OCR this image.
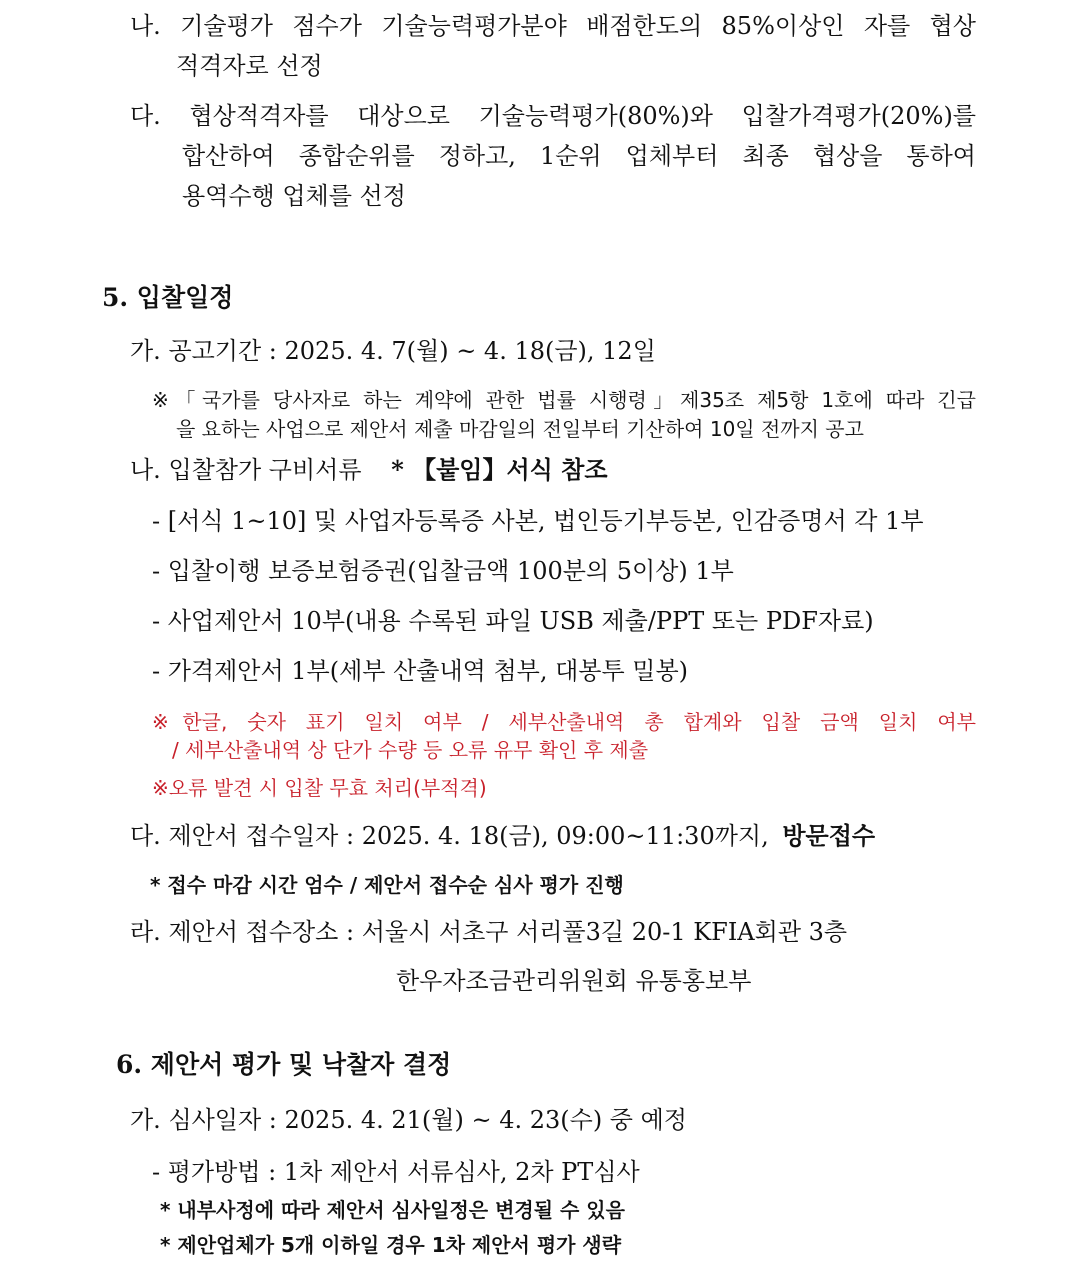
나. 기술평가 점수가 기술능력평가분야 배점한도의 85%이상인 자를 협상
적격자로 선정
다. 협상적격자를 대상으로 기술능력평가(80%)와 입찰가격평가(20%)를
합산하여 종합순위를 정하고, 1순위 업체부터 최종 협상을 통하여
용역수행 업체를 선정
5. 입찰일정
가. 공고기간 : 2025. 4. 7(월) ~ 4. 18(금), 12일
※「국가를 당사자로 하는 계약에 관한 법률 시행령」제35조 제5항 1호에 따라 긴급
을 요하는 사업으로 제안서 제출 마감일의 전일부터 기산하여 10일 전까지 공고
나. 입찰참가 구비서류 * 【붙임】서식 참조
- [서식 1~10] 및 사업자등록증 사본, 법인등기부등본, 인감증명서 각 1부
- 입찰이행 보증보험증권(입찰금액 100분의 5이상) 1부
- 사업제안서 10부(내용 수록된 파일 USB 제출/PPT 또는 PDF자료)
- 가격제안서 1부(세부 산출내역 첨부, 대봉투 밀봉)
※한글, 숫자 표기 일치 여부 / 세부산출내역 총 합계와 입찰 금액 일치 여부
/ 세부산출내역 상 단가 수량 등 오류 유무 확인 후 제출
※오류 발견 시 입찰 무효 처리(부적격)
다. 제안서 접수일자 : 2025. 4. 18(금), 09:00~11:30까지, 방문접수
* 접수 마감 시간 엄수 / 제안서 접수순 심사 평가 진행
라. 제안서 접수장소 : 서울시 서초구 서리풀3길 20-1 KFIA회관 3층
한우자조금관리위원회 유통홍보부
6. 제안서 평가 및 낙찰자 결정
가. 심사일자 : 2025. 4. 21(월) ~ 4. 23(수) 중 예정
- 평가방법 : 1차 제안서 서류심사, 2차 PT심사
* 내부사정에 따라 제안서 심사일정은 변경될 수 있음
* 제안업체가 5개 이하일 경우 1차 제안서 평가 생략
